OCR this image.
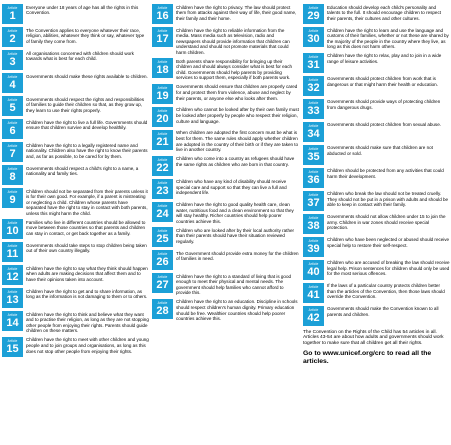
Article
1
Everyone under 18 years of age has all the rights in this Convention.
Article
2
The Convention applies to everyone whatever their race, religion, abilities, whatever they think or say, whatever type of family they come from.
Article
3
All organisations concerned with children should work towards what is best for each child.
Article
4
Governments should make these rights available to children.
Article
5
Governments should respect the rights and responsibilities of families to guide their children so that, as they grow up, they learn to use their rights properly.
Article
6
Children have the right to live a full life. Governments should ensure that children survive and develop healthily.
Article
7
Children have the right to a legally registered name and nationality. Children also have the right to know their parents and, as far as possible, to be cared for by them.
Article
8
Governments should respect a child's right to a name, a nationality and family ties.
Article
9
Children should not be separated from their parents unless it is for their own good. For example, if a parent is mistreating or neglecting a child. Children whose parents have separated have the right to stay in contact with both parents, unless this might harm the child.
Article
10
Families who live in different countries should be allowed to move between those countries so that parents and children can stay in contact, or get back together as a family.
Article
11
Governments should take steps to stop children being taken out of their own country illegally.
Article
12
Children have the right to say what they think should happen when adults are making decisions that affect them and to have their opinions taken into account.
Article
13
Children have the right to get and to share information, as long as the information is not damaging to them or to others.
Article
14
Children have the right to think and believe what they want and to practise their religion, as long as they are not stopping other people from enjoying their rights. Parents should guide children on these matters.
Article
15
Children have the right to meet with other children and young people and to join groups and organisations, as long as this does not stop other people from enjoying their rights.
Article
16
Children have the right to privacy. The law should protect them from attacks against their way of life, their good name, their family and their home.
Article
17
Children have the right to reliable information from the media. Mass media such as television, radio and newspapers should provide information that children can understand and should not promote materials that could harm children.
Article
18
Both parents share responsibility for bringing up their children and should always consider what is best for each child. Governments should help parents by providing services to support them, especially if both parents work.
Article
19
Governments should ensure that children are properly cared for and protect them from violence, abuse and neglect by their parents, or anyone else who looks after them.
Article
20
Children who cannot be looked after by their own family must be looked after properly by people who respect their religion, culture and language.
Article
21
When children are adopted the first concern must be what is best for them. The same rules should apply whether children are adopted in the country of their birth or if they are taken to live in another country.
Article
22
Children who come into a country as refugees should have the same rights as children who are born in that country.
Article
23
Children who have any kind of disability should receive special care and support so that they can live a full and independent life.
Article
24
Children have the right to good quality health care, clean water, nutritious food and a clean environment so that they will stay healthy. Richer countries should help poorer countries achieve this.
Article
25
Children who are looked after by their local authority rather than their parents should have their situation reviewed regularly.
Article
26
The Government should provide extra money for the children of families in need.
Article
27
Children have the right to a standard of living that is good enough to meet their physical and mental needs. The government should help families who cannot afford to provide this.
Article
28
Children have the right to an education. Discipline in schools should respect children's human dignity. Primary education should be free. Wealthier countries should help poorer countries achieve this.
Article
29
Education should develop each child's personality and talents to the full. It should encourage children to respect their parents, their cultures and other cultures.
Article
30
Children have the right to learn and use the language and customs of their families, whether or not these are shared by the majority of the people in the country where they live, as long as this does not harm others.
Article
31
Children have the right to relax, play and to join in a wide range of leisure activities.
Article
32
Governments should protect children from work that is dangerous or that might harm their health or education.
Article
33
Governments should provide ways of protecting children from dangerous drugs.
Article
34
Governments should protect children from sexual abuse.
Article
35
Governments should make sure that children are not abducted or sold.
Article
36
Children should be protected from any activities that could harm their development.
Article
37
Children who break the law should not be treated cruelly. They should not be put in a prison with adults and should be able to keep in contact with their family.
Article
38
Governments should not allow children under 15 to join the army. Children in war zones should receive special protection.
Article
39
Children who have been neglected or abused should receive special help to restore their self-respect.
Article
40
Children who are accused of breaking the law should receive legal help. Prison sentences for children should only be used for the most serious offences.
Article
41
If the laws of a particular country protects children better than the articles of the Convention, then those laws should override the Convention.
Article
42
Governments should make the Convention known to all parents and children.
The Convention on the Rights of the Child has 54 articles in all. Articles 43-54 are about how adults and governments should work together to make sure that all children get all their rights.
Go to www.unicef.org/crc to read all the articles.
